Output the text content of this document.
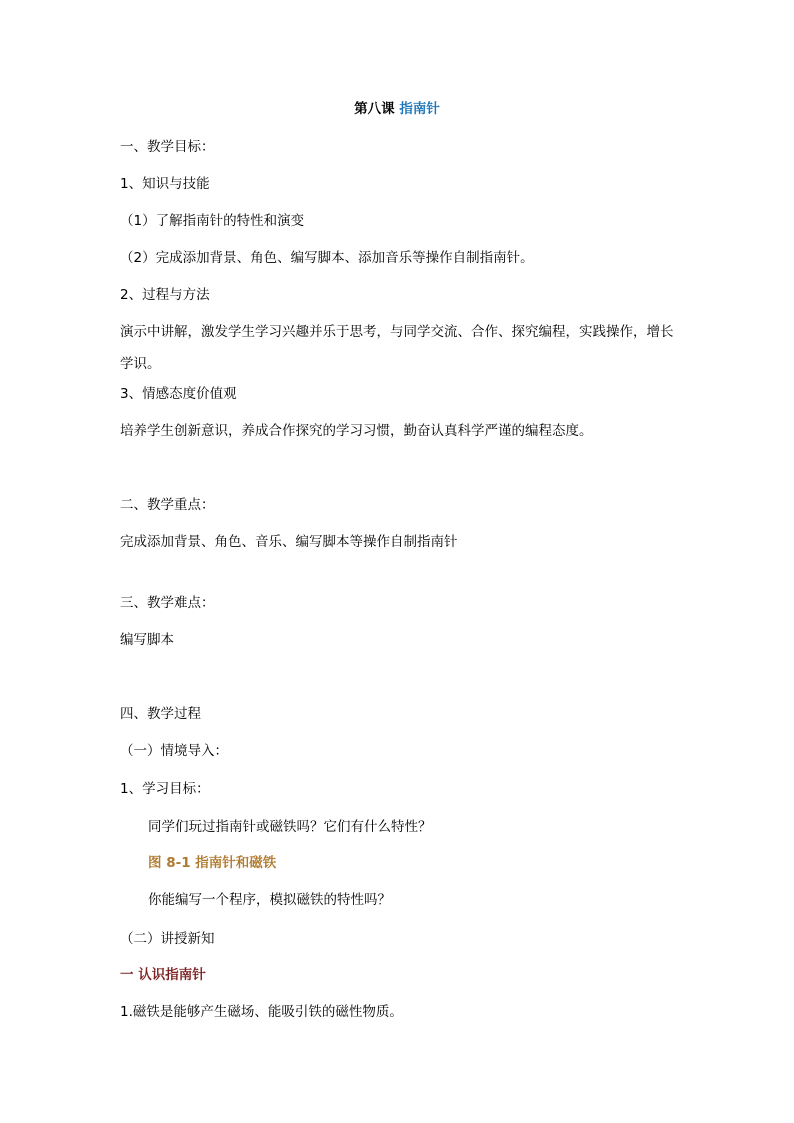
第八课 指南针
一、教学目标：
1、知识与技能
（1）了解指南针的特性和演变
（2）完成添加背景、角色、编写脚本、添加音乐等操作自制指南针。
2、过程与方法
演示中讲解，激发学生学习兴趣并乐于思考，与同学交流、合作、探究编程，实践操作，增长学识。
3、情感态度价值观
培养学生创新意识，养成合作探究的学习习惯，勤奋认真科学严谨的编程态度。
二、教学重点：
完成添加背景、角色、音乐、编写脚本等操作自制指南针
三、教学难点：
编写脚本
四、教学过程
（一）情境导入：
1、学习目标：
同学们玩过指南针或磁铁吗？它们有什么特性？
图 8-1 指南针和磁铁
你能编写一个程序，模拟磁铁的特性吗？
（二）讲授新知
一 认识指南针
1.磁铁是能够产生磁场、能吸引铁的磁性物质。
